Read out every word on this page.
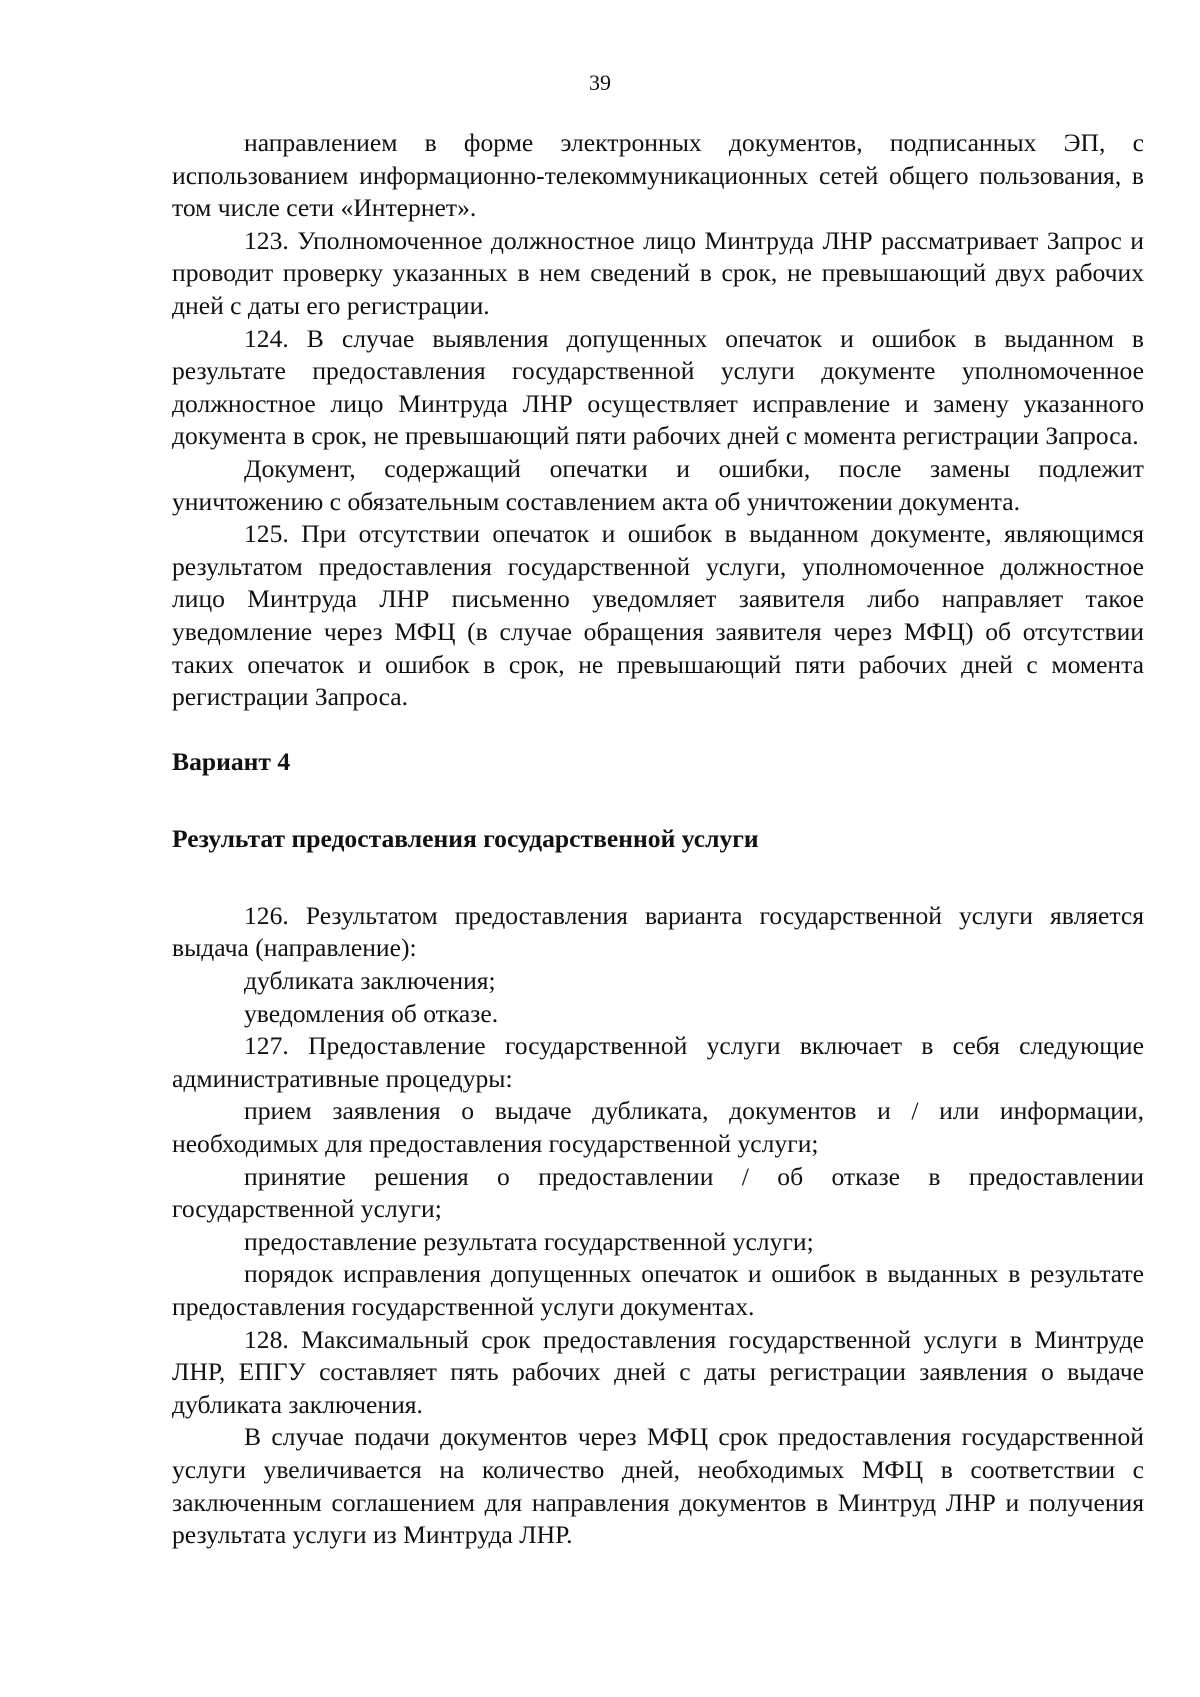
39

направлением в форме электронных документов, подписанных ЭП, с использованием информационно-телекоммуникационных сетей общего пользования, в том числе сети «Интернет».

123. Уполномоченное должностное лицо Минтруда ЛНР рассматривает Запрос и проводит проверку указанных в нем сведений в срок, не превышающий двух рабочих дней с даты его регистрации.

124. В случае выявления допущенных опечаток и ошибок в выданном в результате предоставления государственной услуги документе уполномоченное должностное лицо Минтруда ЛНР осуществляет исправление и замену указанного документа в срок, не превышающий пяти рабочих дней с момента регистрации Запроса.

Документ, содержащий опечатки и ошибки, после замены подлежит уничтожению с обязательным составлением акта об уничтожении документа.

125. При отсутствии опечаток и ошибок в выданном документе, являющимся результатом предоставления государственной услуги, уполномоченное должностное лицо Минтруда ЛНР письменно уведомляет заявителя либо направляет такое уведомление через МФЦ (в случае обращения заявителя через МФЦ) об отсутствии таких опечаток и ошибок в срок, не превышающий пяти рабочих дней с момента регистрации Запроса.

Вариант 4

Результат предоставления государственной услуги

126. Результатом предоставления варианта государственной услуги является выдача (направление):

дубликата заключения;

уведомления об отказе.

127. Предоставление государственной услуги включает в себя следующие административные процедуры:

прием заявления о выдаче дубликата, документов и / или информации, необходимых для предоставления государственной услуги;

принятие решения о предоставлении / об отказе в предоставлении государственной услуги;

предоставление результата государственной услуги;

порядок исправления допущенных опечаток и ошибок в выданных в результате предоставления государственной услуги документах.

128. Максимальный срок предоставления государственной услуги в Минтруде ЛНР, ЕПГУ составляет пять рабочих дней с даты регистрации заявления о выдаче дубликата заключения.

В случае подачи документов через МФЦ срок предоставления государственной услуги увеличивается на количество дней, необходимых МФЦ в соответствии с заключенным соглашением для направления документов в Минтруд ЛНР и получения результата услуги из Минтруда ЛНР.
